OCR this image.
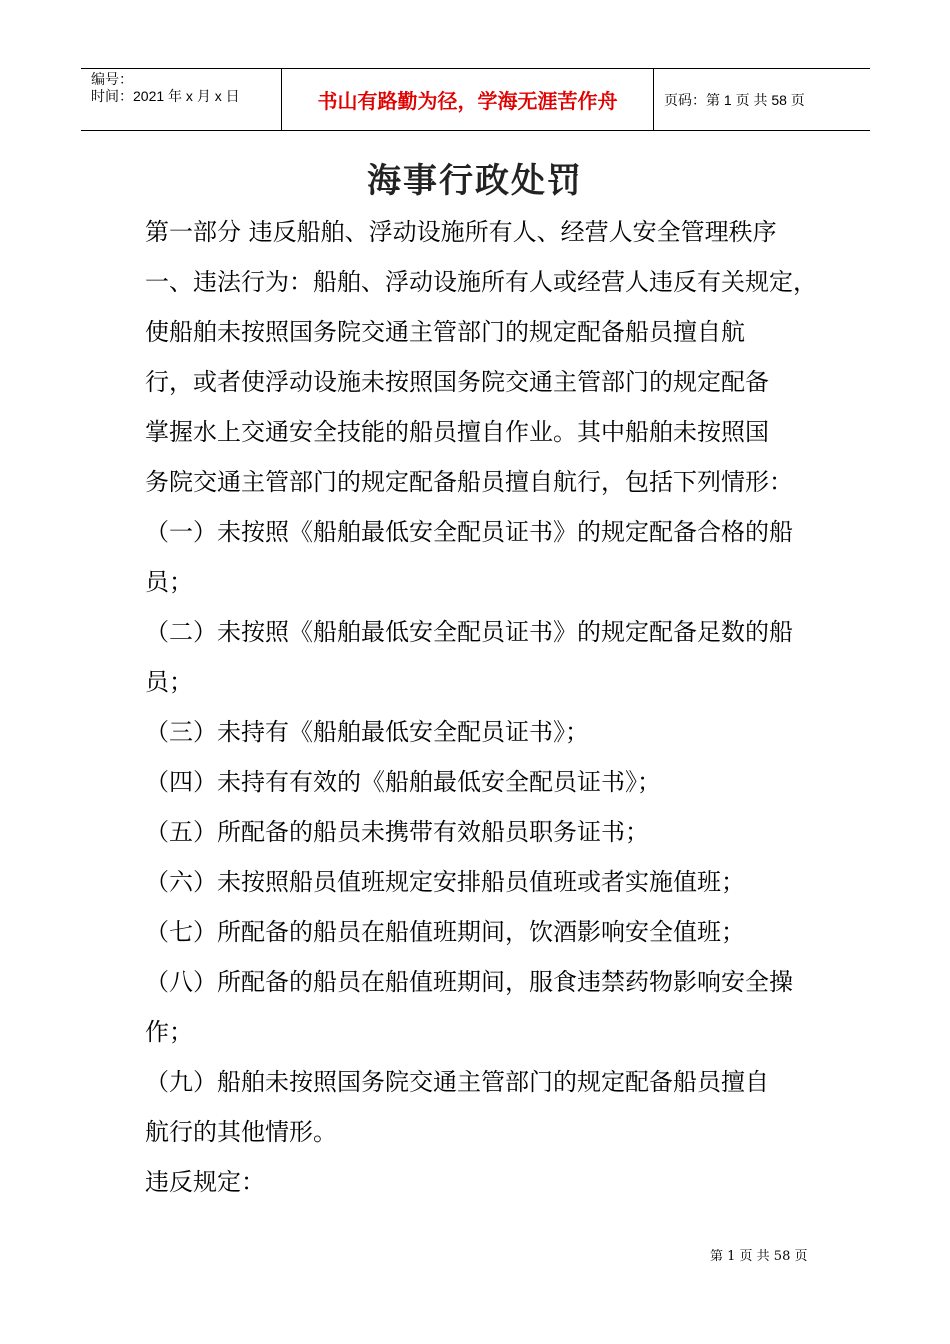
编号：
时间：2021 年 x 月 x 日	书山有路勤为径，学海无涯苦作舟	页码：第 1 页 共 58 页
海事行政处罚
第一部分 违反船舶、浮动设施所有人、经营人安全管理秩序
一、违法行为：船舶、浮动设施所有人或经营人违反有关规定，
使船舶未按照国务院交通主管部门的规定配备船员擅自航
行，或者使浮动设施未按照国务院交通主管部门的规定配备
掌握水上交通安全技能的船员擅自作业。其中船舶未按照国
务院交通主管部门的规定配备船员擅自航行，包括下列情形：
（一）未按照《船舶最低安全配员证书》的规定配备合格的船
员；
（二）未按照《船舶最低安全配员证书》的规定配备足数的船
员；
（三）未持有《船舶最低安全配员证书》；
（四）未持有有效的《船舶最低安全配员证书》；
（五）所配备的船员未携带有效船员职务证书；
（六）未按照船员值班规定安排船员值班或者实施值班；
（七）所配备的船员在船值班期间，饮酒影响安全值班；
（八）所配备的船员在船值班期间，服食违禁药物影响安全操
作；
（九）船舶未按照国务院交通主管部门的规定配备船员擅自
航行的其他情形。
违反规定：
第 1 页 共 58 页
